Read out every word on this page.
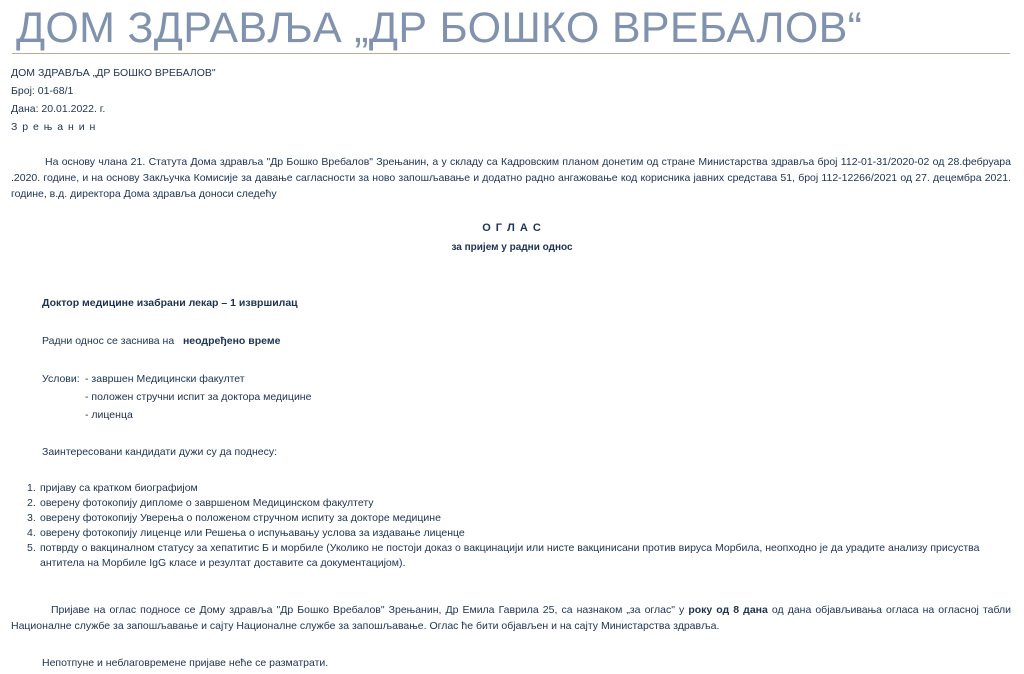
ДОМ ЗДРАВЉА „ДР БОШКО ВРЕБАЛОВ“
ДОМ ЗДРАВЉА „ДР БОШКО ВРЕБАЛОВ"
Број: 01-68/1
Дана: 20.01.2022. г.
З р е њ а н и н
На основу члана 21. Статута Дома здравља "Др Бошко Вребалов" Зрењанин, а у складу са Кадровским планом донетим од стране Министарства здравља број 112-01-31/2020-02 од 28.фебруара .2020. године, и на основу Закључка Комисије за давање сагласности за ново запошљавање и додатно радно ангажовање код корисника јавних средстава 51, број 112-12266/2021 од 27. децембра 2021. године, в.д. директора Дома здравља доноси следећу
О Г Л А С
за пријем у радни однос
Доктор медицине изабрани лекар – 1 извршилац
Радни однос се заснива на неодређено време
Услови: - завршен Медицински факултет
- положен стручни испит за доктора медицине
- лиценца
Заинтересовани кандидати дужи су да поднесу:
1. пријаву са кратком биографијом
2. оверену фотокопију дипломе о завршеном Медицинском факултету
3. оверену фотокопију Уверења о положеном стручном испиту за докторе медицине
4. оверену фотокопију лиценце или Решења о испуњавању услова за издавање лиценце
5. потврду о вакциналном статусу за хепатитис Б и морбиле (Уколико не постоји доказ о вакцинацији или нисте вакцинисани против вируса Морбила, неопходно је да урадите анализу присуства антитела на Морбиле IgG класе и резултат доставите са документацијом).
Пријаве на оглас подносе се Дому здравља "Др Бошко Вребалов" Зрењанин, Др Емила Гаврила 25, са назнаком „за оглас" у року од 8 дана од дана објављивања огласа на огласној табли Националне службе за запошљавање и сајту Националне службе за запошљавање. Оглас ће бити објављен и на сајту Министарства здравља.
Непотпуне и неблаговремене пријаве неће се разматрати.
